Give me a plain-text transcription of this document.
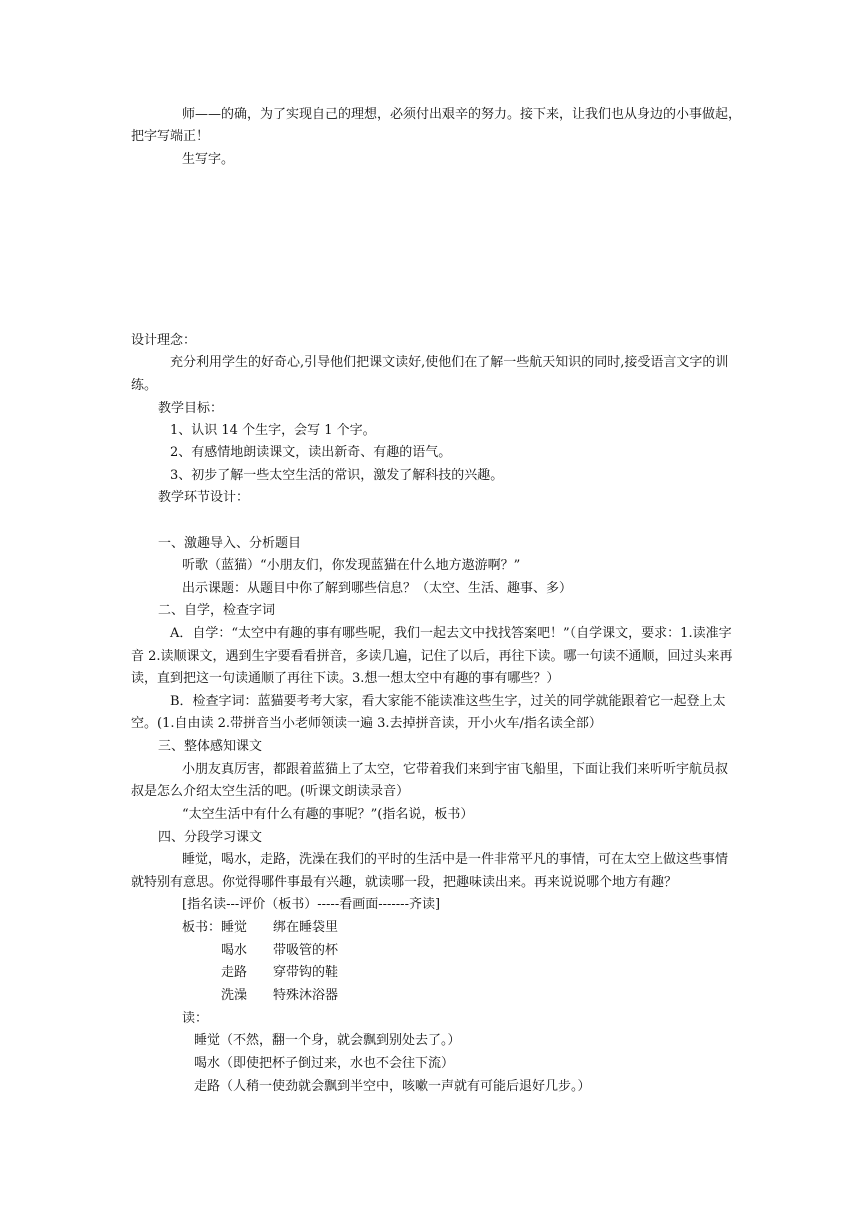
师——的确，为了实现自己的理想，必须付出艰辛的努力。接下来，让我们也从身边的小事做起，
把字写端正！
生写字。
设计理念：
充分利用学生的好奇心,引导他们把课文读好,使他们在了解一些航天知识的同时,接受语言文字的训
练。
教学目标：
1、认识 14 个生字，会写 1 个字。
2、有感情地朗读课文，读出新奇、有趣的语气。
3、初步了解一些太空生活的常识，激发了解科技的兴趣。
教学环节设计：
一、激趣导入、分析题目
听歌（蓝猫）“小朋友们，你发现蓝猫在什么地方遨游啊？”
出示课题：从题目中你了解到哪些信息？（太空、生活、趣事、多）
二、自学，检查字词
A．自学：“太空中有趣的事有哪些呢，我们一起去文中找找答案吧！”（自学课文，要求：1.读准字
音 2.读顺课文，遇到生字要看看拼音，多读几遍，记住了以后，再往下读。哪一句读不通顺，回过头来再
读，直到把这一句读通顺了再往下读。3.想一想太空中有趣的事有哪些？）
B．检查字词：蓝猫要考考大家，看大家能不能读准这些生字，过关的同学就能跟着它一起登上太
空。(1.自由读 2.带拼音当小老师领读一遍 3.去掉拼音读，开小火车/指名读全部）
三、整体感知课文
小朋友真厉害，都跟着蓝猫上了太空，它带着我们来到宇宙飞船里，下面让我们来听听宇航员叔
叔是怎么介绍太空生活的吧。(听课文朗读录音）
“太空生活中有什么有趣的事呢？”(指名说，板书）
四、分段学习课文
睡觉，喝水，走路，洗澡在我们的平时的生活中是一件非常平凡的事情，可在太空上做这些事情
就特别有意思。你觉得哪件事最有兴趣，就读哪一段，把趣味读出来。再来说说哪个地方有趣？
[指名读---评价（板书）-----看画面-------齐读]
板书：睡觉 绑在睡袋里
喝水 带吸管的杯
走路 穿带钩的鞋
洗澡 特殊沐浴器
读：
睡觉（不然，翻一个身，就会飘到别处去了。）
喝水（即使把杯子倒过来，水也不会往下流）
走路（人稍一使劲就会飘到半空中，咳嗽一声就有可能后退好几步。）
